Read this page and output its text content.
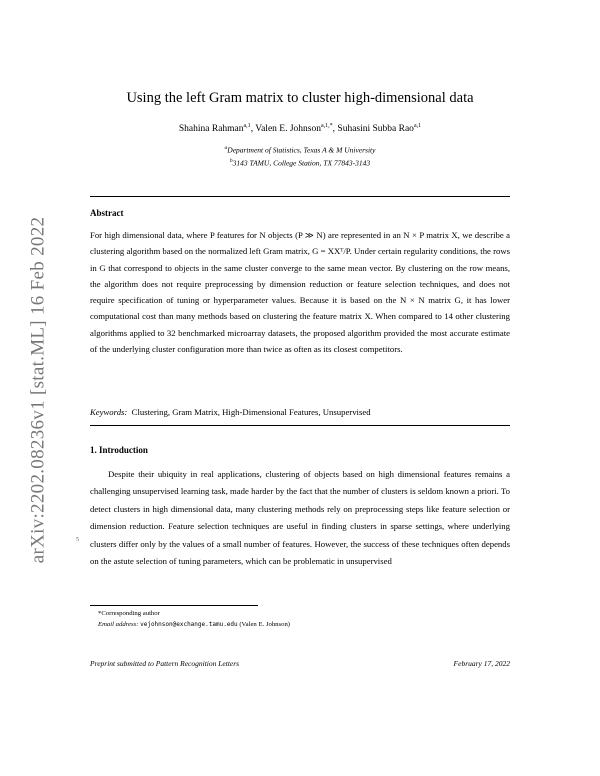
arXiv:2202.08236v1 [stat.ML] 16 Feb 2022
Using the left Gram matrix to cluster high-dimensional data
Shahina Rahman$^{a,1}$, Valen E. Johnson$^{a,1,*}$, Suhasini Subba Rao$^{a,1}$
$^a$Department of Statistics, Texas A & M University
$^b$3143 TAMU, College Station, TX 77843-3143
Abstract
For high dimensional data, where P features for N objects (P ≫ N) are represented in an N × P matrix X, we describe a clustering algorithm based on the normalized left Gram matrix, G = XXᵀ/P. Under certain regularity conditions, the rows in G that correspond to objects in the same cluster converge to the same mean vector. By clustering on the row means, the algorithm does not require preprocessing by dimension reduction or feature selection techniques, and does not require specification of tuning or hyperparameter values. Because it is based on the N × N matrix G, it has lower computational cost than many methods based on clustering the feature matrix X. When compared to 14 other clustering algorithms applied to 32 benchmarked microarray datasets, the proposed algorithm provided the most accurate estimate of the underlying cluster configuration more than twice as often as its closest competitors.
Keywords: Clustering, Gram Matrix, High-Dimensional Features, Unsupervised
1. Introduction
Despite their ubiquity in real applications, clustering of objects based on high dimensional features remains a challenging unsupervised learning task, made harder by the fact that the number of clusters is seldom known a priori. To detect clusters in high dimensional data, many clustering methods rely on preprocessing steps like feature selection or dimension reduction. Feature selection techniques are useful in finding clusters in sparse settings, where underlying clusters differ only by the values of a small number of features. However, the success of these techniques often depends on the astute selection of tuning parameters, which can be problematic in unsupervised
5
*Corresponding author
Email address: vejohnson@exchange.tamu.edu (Valen E. Johnson)
Preprint submitted to Pattern Recognition Letters	February 17, 2022
